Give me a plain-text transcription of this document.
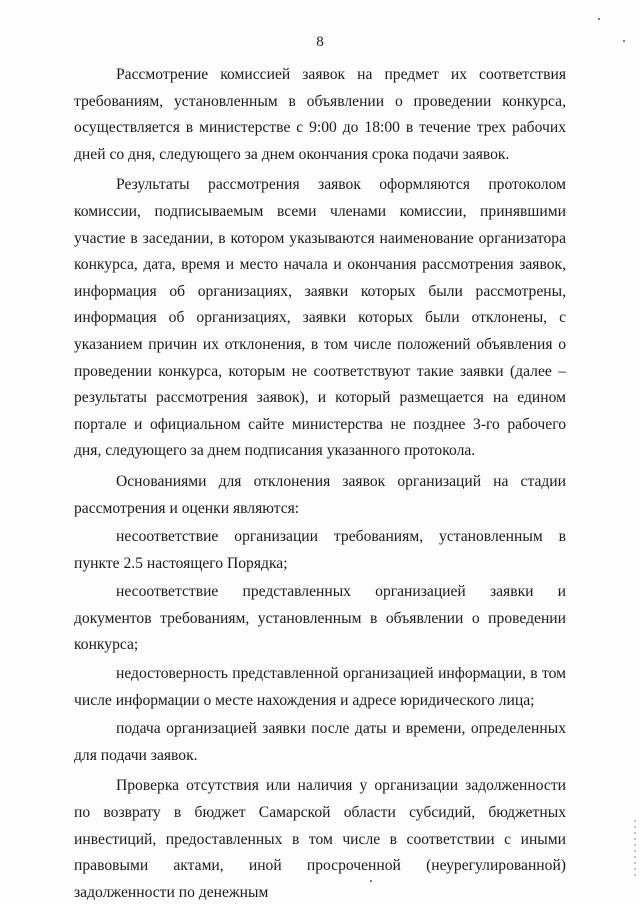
8

Рассмотрение комиссией заявок на предмет их соответствия требованиям, установленным в объявлении о проведении конкурса, осуществляется в министерстве с 9:00 до 18:00 в течение трех рабочих дней со дня, следующего за днем окончания срока подачи заявок.

Результаты рассмотрения заявок оформляются протоколом комиссии, подписываемым всеми членами комиссии, принявшими участие в заседании, в котором указываются наименование организатора конкурса, дата, время и место начала и окончания рассмотрения заявок, информация об организациях, заявки которых были рассмотрены, информация об организациях, заявки которых были отклонены, с указанием причин их отклонения, в том числе положений объявления о проведении конкурса, которым не соответствуют такие заявки (далее – результаты рассмотрения заявок), и который размещается на едином портале и официальном сайте министерства не позднее 3-го рабочего дня, следующего за днем подписания указанного протокола.

Основаниями для отклонения заявок организаций на стадии рассмотрения и оценки являются:

несоответствие организации требованиям, установленным в пункте 2.5 настоящего Порядка;

несоответствие представленных организацией заявки и документов требованиям, установленным в объявлении о проведении конкурса;

недостоверность представленной организацией информации, в том числе информации о месте нахождения и адресе юридического лица;

подача организацией заявки после даты и времени, определенных для подачи заявок.

Проверка отсутствия или наличия у организации задолженности по возврату в бюджет Самарской области субсидий, бюджетных инвестиций, предоставленных в том числе в соответствии с иными правовыми актами, иной просроченной (неурегулированной) задолженности по денежным
